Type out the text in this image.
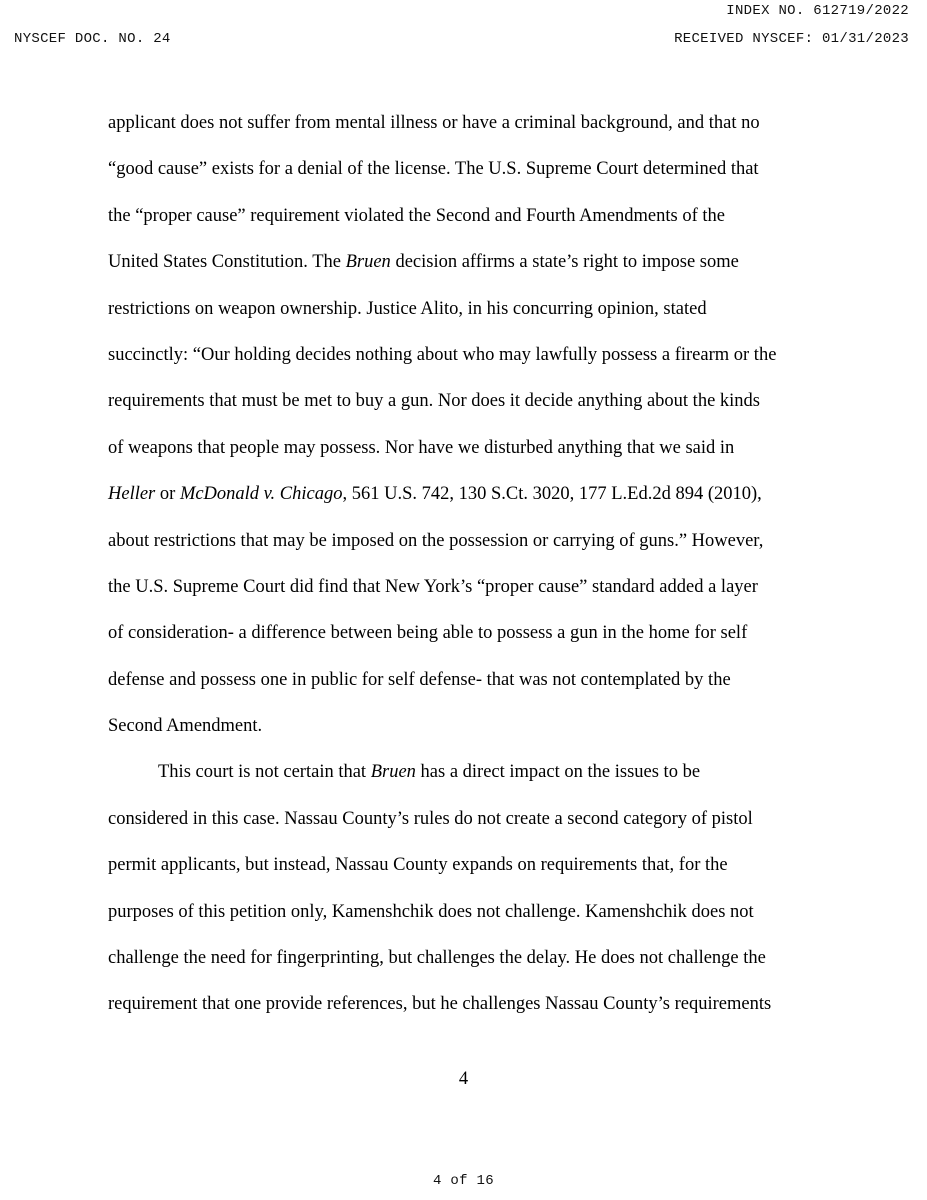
INDEX NO. 612719/2022
NYSCEF DOC. NO. 24	RECEIVED NYSCEF: 01/31/2023
applicant does not suffer from mental illness or have a criminal background, and that no
“good cause” exists for a denial of the license. The U.S. Supreme Court determined that
the “proper cause” requirement violated the Second and Fourth Amendments of the
United States Constitution. The Bruen decision affirms a state’s right to impose some
restrictions on weapon ownership. Justice Alito, in his concurring opinion, stated
succinctly: “Our holding decides nothing about who may lawfully possess a firearm or the
requirements that must be met to buy a gun. Nor does it decide anything about the kinds
of weapons that people may possess. Nor have we disturbed anything that we said in
Heller or McDonald v. Chicago, 561 U.S. 742, 130 S.Ct. 3020, 177 L.Ed.2d 894 (2010),
about restrictions that may be imposed on the possession or carrying of guns.” However,
the U.S. Supreme Court did find that New York’s “proper cause” standard added a layer
of consideration- a difference between being able to possess a gun in the home for self
defense and possess one in public for self defense- that was not contemplated by the
Second Amendment.
This court is not certain that Bruen has a direct impact on the issues to be
considered in this case. Nassau County’s rules do not create a second category of pistol
permit applicants, but instead, Nassau County expands on requirements that, for the
purposes of this petition only, Kamenshchik does not challenge. Kamenshchik does not
challenge the need for fingerprinting, but challenges the delay. He does not challenge the
requirement that one provide references, but he challenges Nassau County’s requirements
4
4 of 16
